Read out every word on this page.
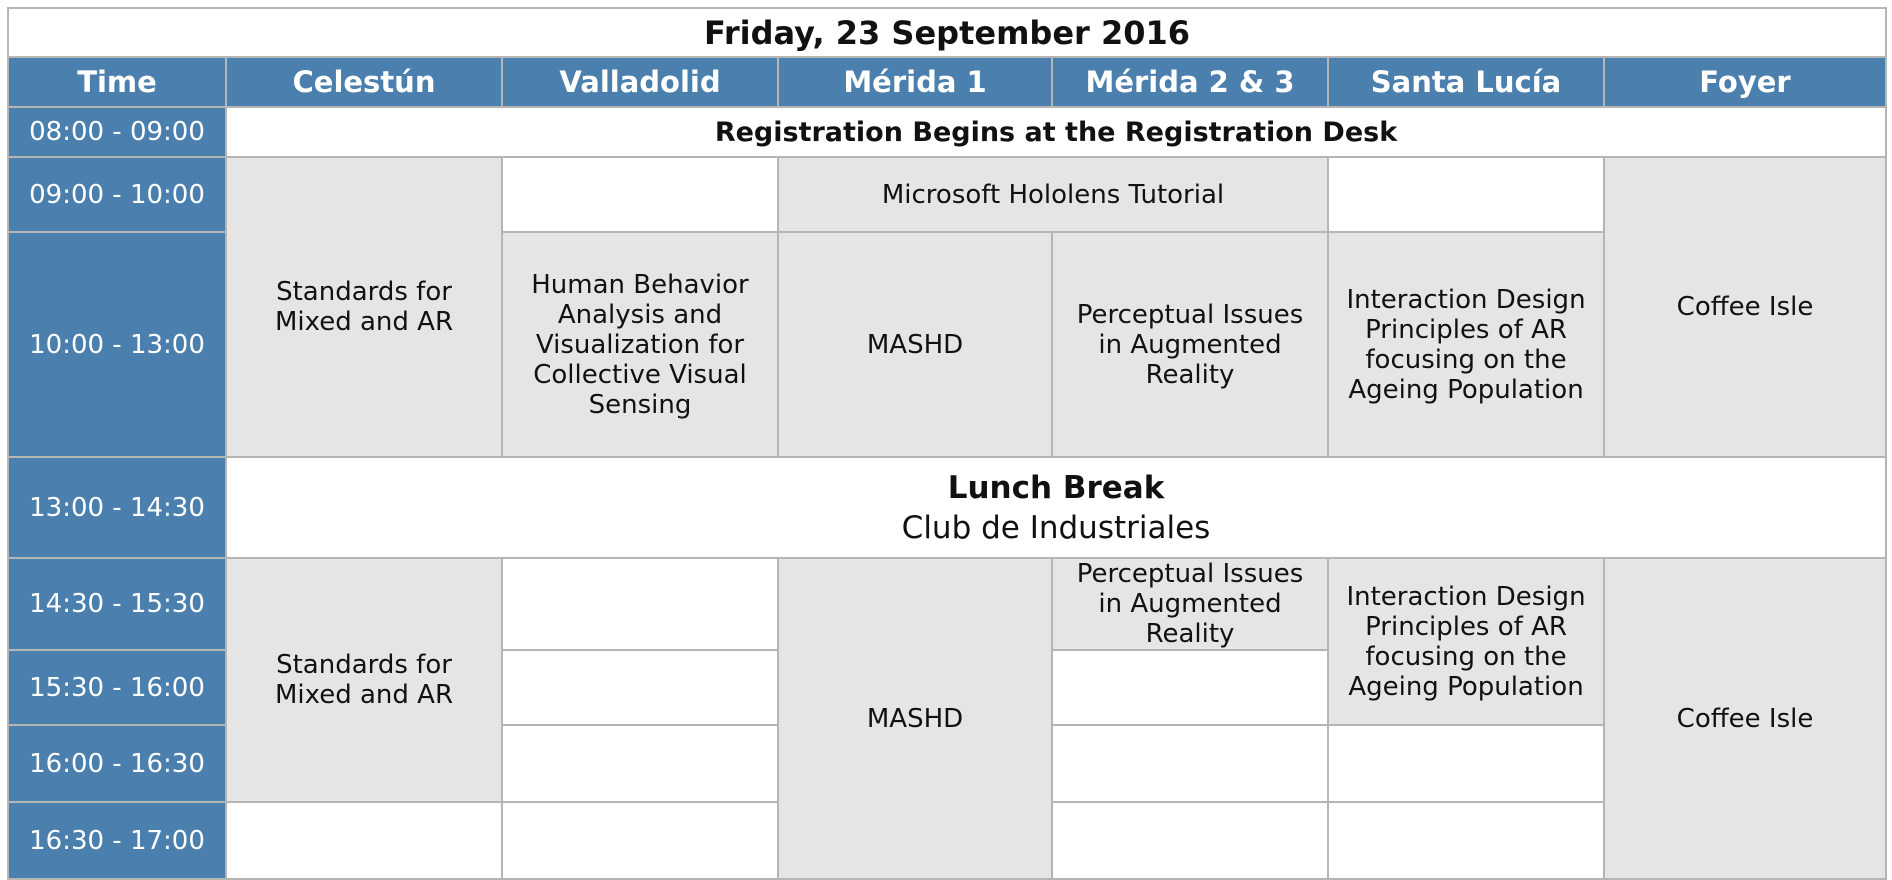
Friday, 23 September 2016						
Time	Celestún	Valladolid	Mérida 1	Mérida 2 & 3	Santa Lucía	Foyer
08:00 - 09:00	Registration Begins at the Registration Desk					
09:00 - 10:00	Standards for Mixed and AR		Microsoft Hololens Tutorial			Coffee Isle
10:00 - 13:00		Human Behavior Analysis and Visualization for Collective Visual Sensing	MASHD	Perceptual Issues in Augmented Reality	Interaction Design Principles of AR focusing on the Ageing Population	
13:00 - 14:30	Lunch Break
Club de Industriales					

14:30 - 15:30	Standards for Mixed and AR		MASHD	Perceptual Issues in Augmented Reality	Interaction Design Principles of AR focusing on the Ageing Population	Coffee Isle
15:30 - 16:00						
16:00 - 16:30						
16:30 - 17:00						
